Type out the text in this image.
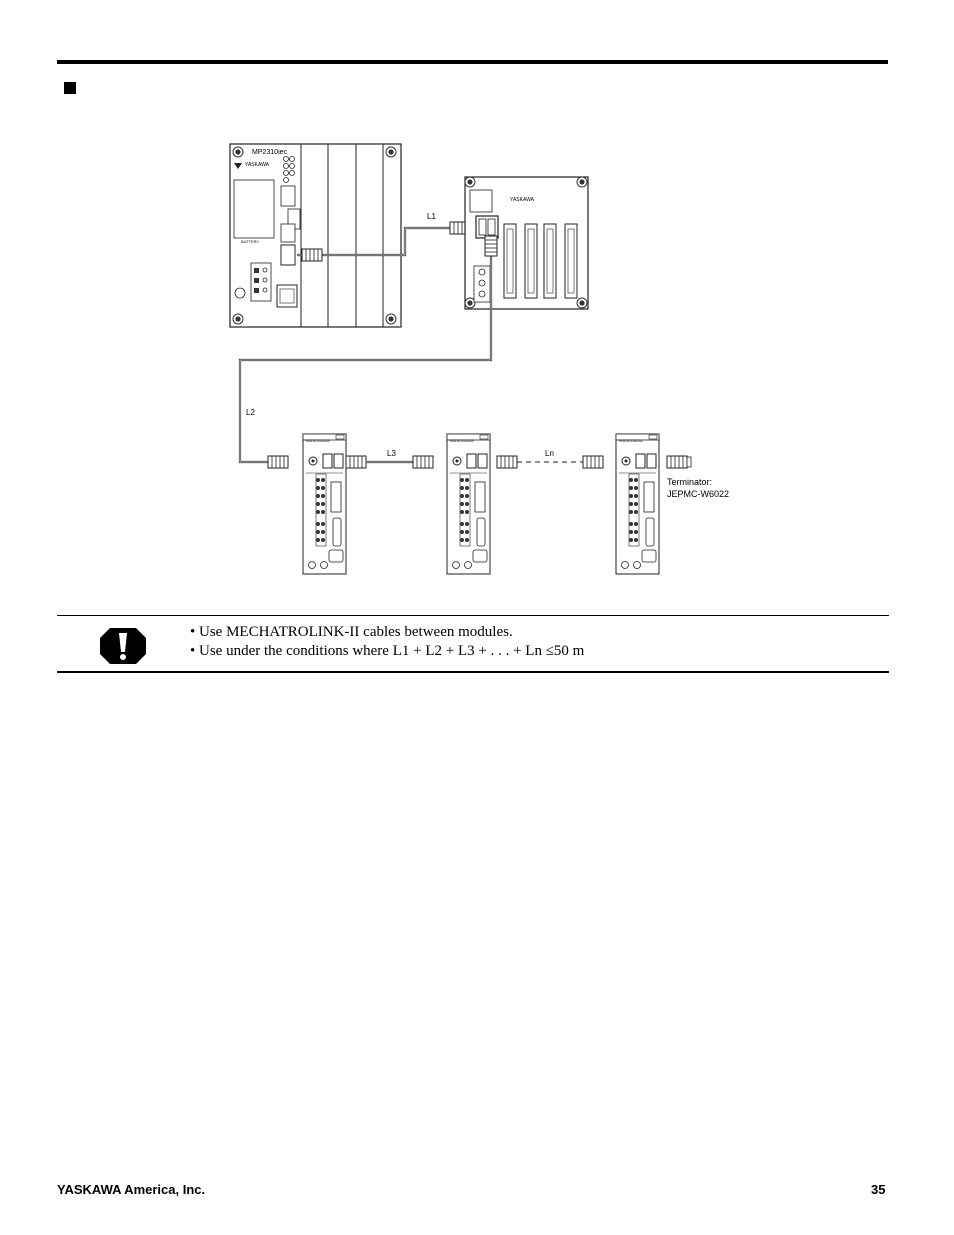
MP2310iec
YASKAWA
BATTERY
L1
YASKAWA
L2
SGDS-01A12A	SGDS-01A12A	SGDS-01A12A
L3	Ln
Terminator:
JEPMC-W6022
• Use MECHATROLINK-II cables between modules.
• Use under the conditions where L1 + L2 + L3 + . . . + Ln ≤50 m
YASKAWA America, Inc.	35
